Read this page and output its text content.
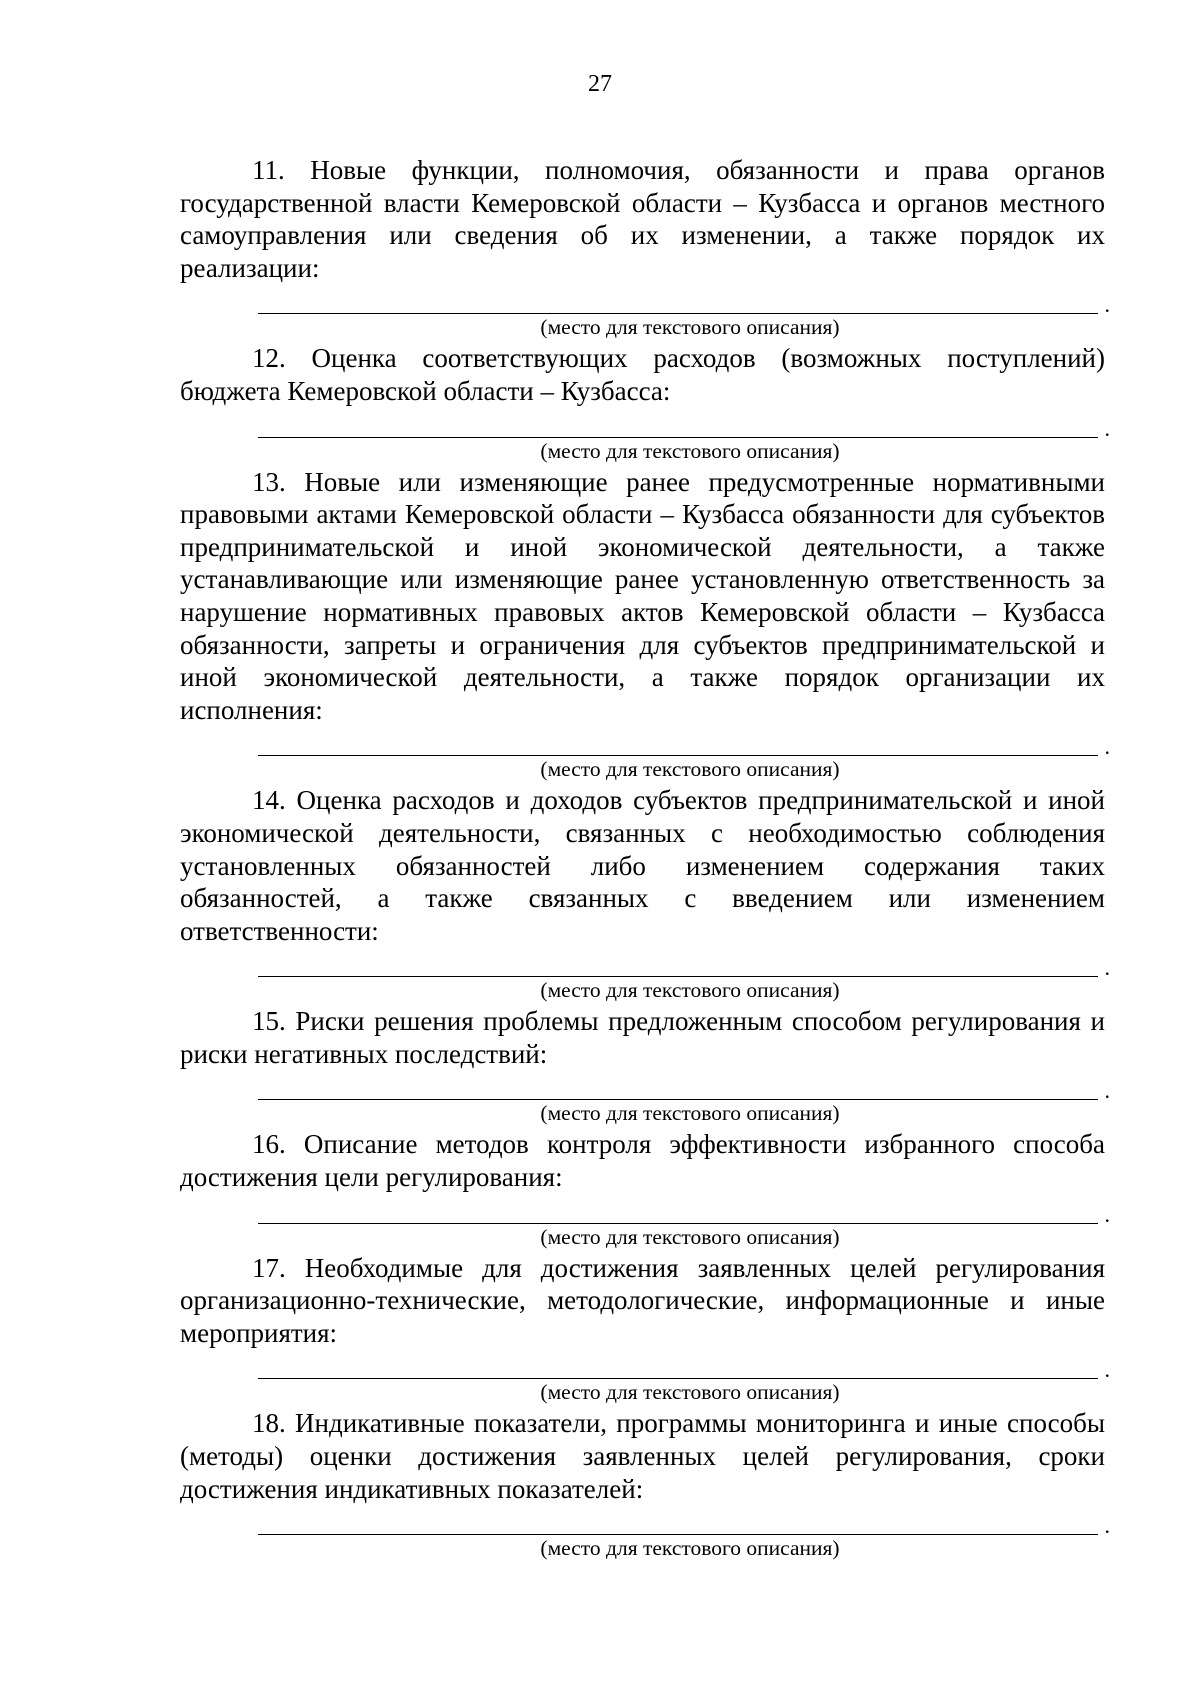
27

11. Новые функции, полномочия, обязанности и права органов государственной власти Кемеровской области – Кузбасса и органов местного самоуправления или сведения об их изменении, а также порядок их реализации:

.

(место для текстового описания)

12. Оценка соответствующих расходов (возможных поступлений) бюджета Кемеровской области – Кузбасса:

.

(место для текстового описания)

13. Новые или изменяющие ранее предусмотренные нормативными правовыми актами Кемеровской области – Кузбасса обязанности для субъектов предпринимательской и иной экономической деятельности, а также устанавливающие или изменяющие ранее установленную ответственность за нарушение нормативных правовых актов Кемеровской области – Кузбасса обязанности, запреты и ограничения для субъектов предпринимательской и иной экономической деятельности, а также порядок организации их исполнения:

.

(место для текстового описания)

14. Оценка расходов и доходов субъектов предпринимательской и иной экономической деятельности, связанных с необходимостью соблюдения установленных обязанностей либо изменением содержания таких обязанностей, а также связанных с введением или изменением ответственности:

.

(место для текстового описания)

15. Риски решения проблемы предложенным способом регулирования и риски негативных последствий:

.

(место для текстового описания)

16. Описание методов контроля эффективности избранного способа достижения цели регулирования:

.

(место для текстового описания)

17. Необходимые для достижения заявленных целей регулирования организационно-технические, методологические, информационные и иные мероприятия:

.

(место для текстового описания)

18. Индикативные показатели, программы мониторинга и иные способы (методы) оценки достижения заявленных целей регулирования, сроки достижения индикативных показателей:

.

(место для текстового описания)
